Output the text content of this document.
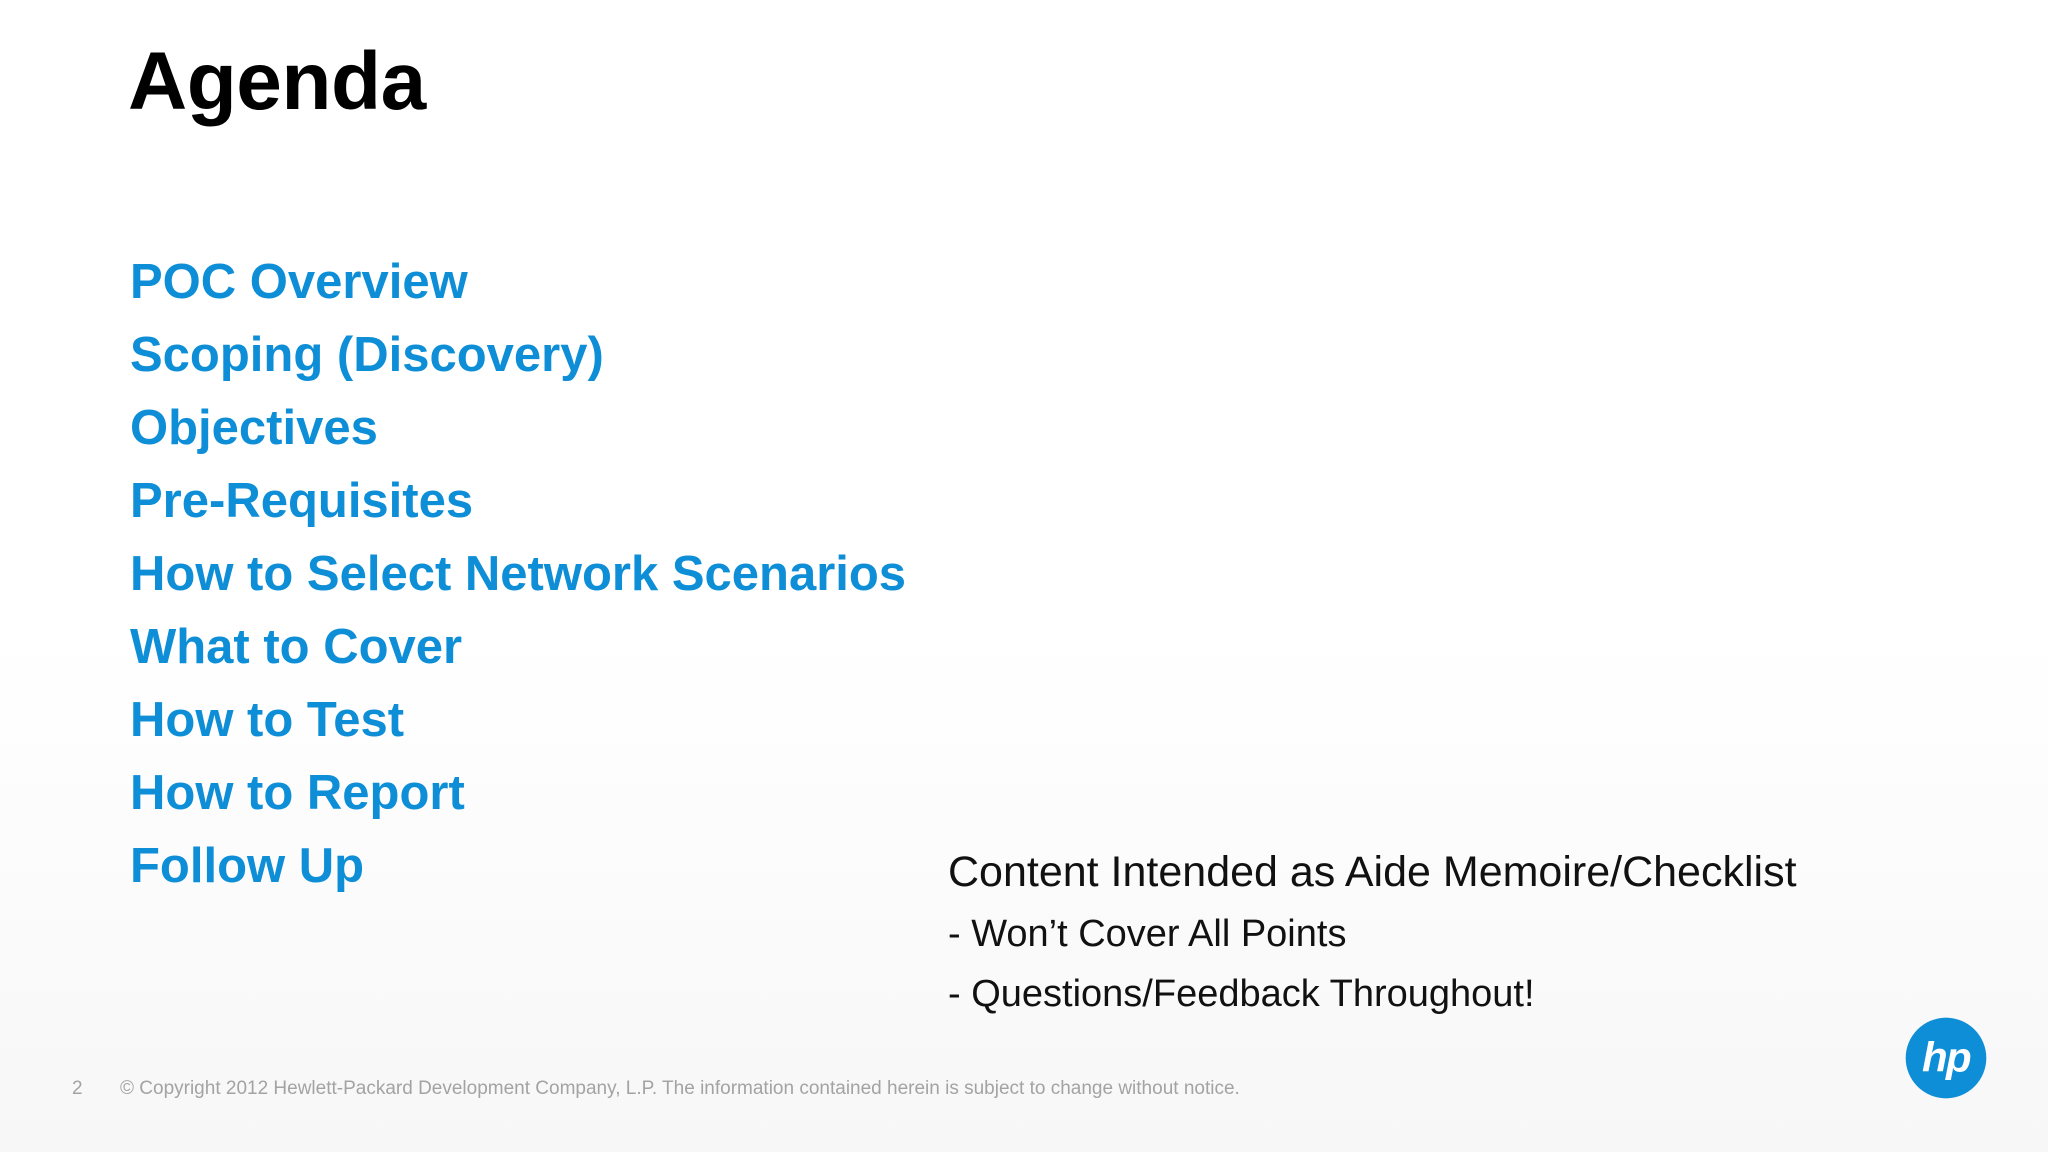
Agenda
POC Overview
Scoping (Discovery)
Objectives
Pre-Requisites
How to Select Network Scenarios
What to Cover
How to Test
How to Report
Follow Up	Content Intended as Aide Memoire/Checklist
- Won’t Cover All Points
- Questions/Feedback Throughout!
2 © Copyright 2012 Hewlett-Packard Development Company, L.P. The information contained herein is subject to change without notice.
hp
